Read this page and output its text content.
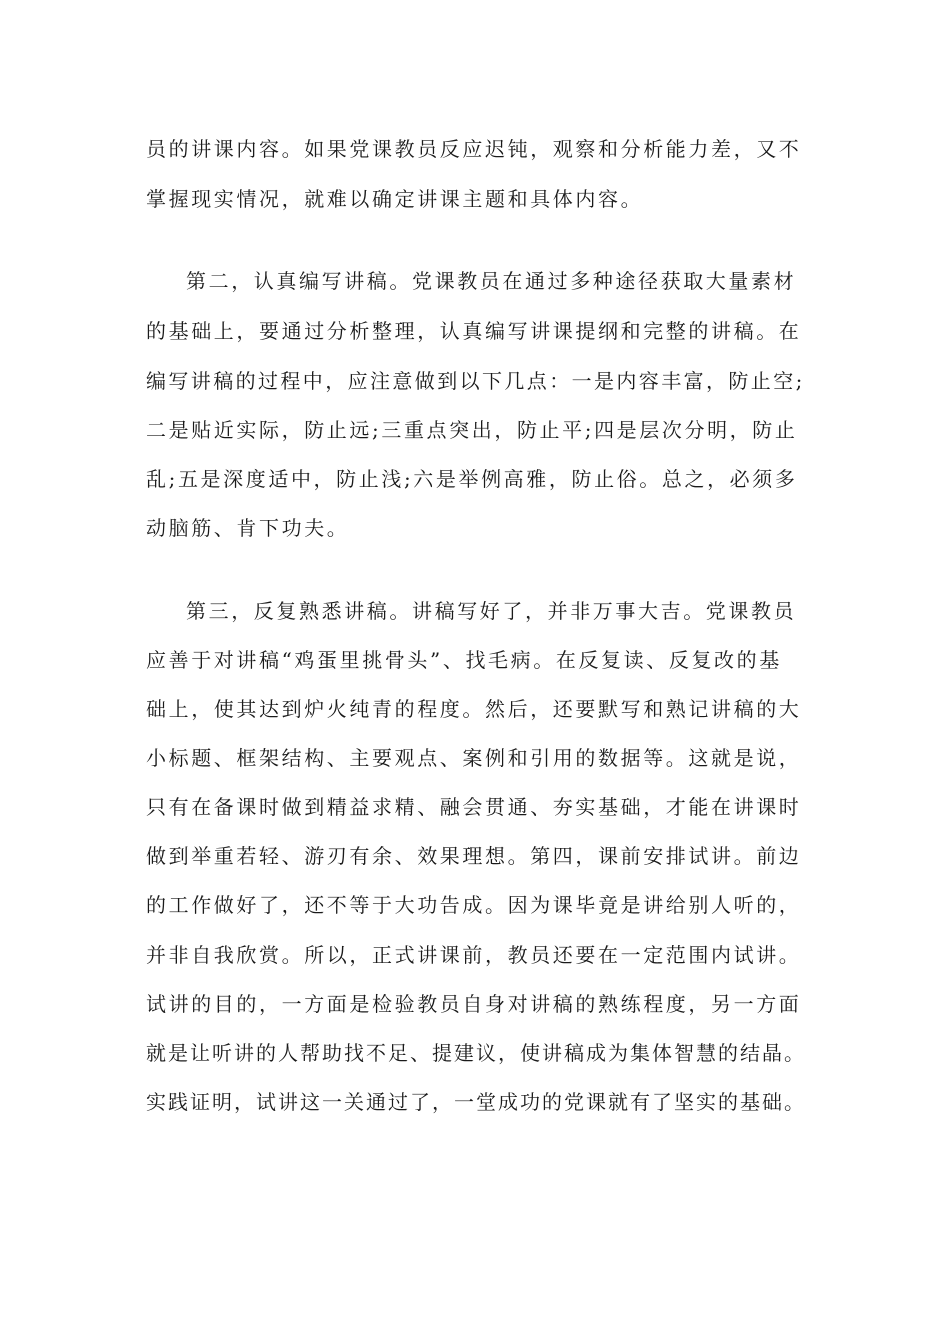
员的讲课内容。如果党课教员反应迟钝，观察和分析能力差，又不
掌握现实情况，就难以确定讲课主题和具体内容。
第二，认真编写讲稿。党课教员在通过多种途径获取大量素材
的基础上，要通过分析整理，认真编写讲课提纲和完整的讲稿。在
编写讲稿的过程中，应注意做到以下几点：一是内容丰富，防止空;
二是贴近实际，防止远;三重点突出，防止平;四是层次分明，防止
乱;五是深度适中，防止浅;六是举例高雅，防止俗。总之，必须多
动脑筋、肯下功夫。
第三，反复熟悉讲稿。讲稿写好了，并非万事大吉。党课教员
应善于对讲稿“鸡蛋里挑骨头”、找毛病。在反复读、反复改的基
础上，使其达到炉火纯青的程度。然后，还要默写和熟记讲稿的大
小标题、框架结构、主要观点、案例和引用的数据等。这就是说，
只有在备课时做到精益求精、融会贯通、夯实基础，才能在讲课时
做到举重若轻、游刃有余、效果理想。第四，课前安排试讲。前边
的工作做好了，还不等于大功告成。因为课毕竟是讲给别人听的，
并非自我欣赏。所以，正式讲课前，教员还要在一定范围内试讲。
试讲的目的，一方面是检验教员自身对讲稿的熟练程度，另一方面
就是让听讲的人帮助找不足、提建议，使讲稿成为集体智慧的结晶。
实践证明，试讲这一关通过了，一堂成功的党课就有了坚实的基础。
